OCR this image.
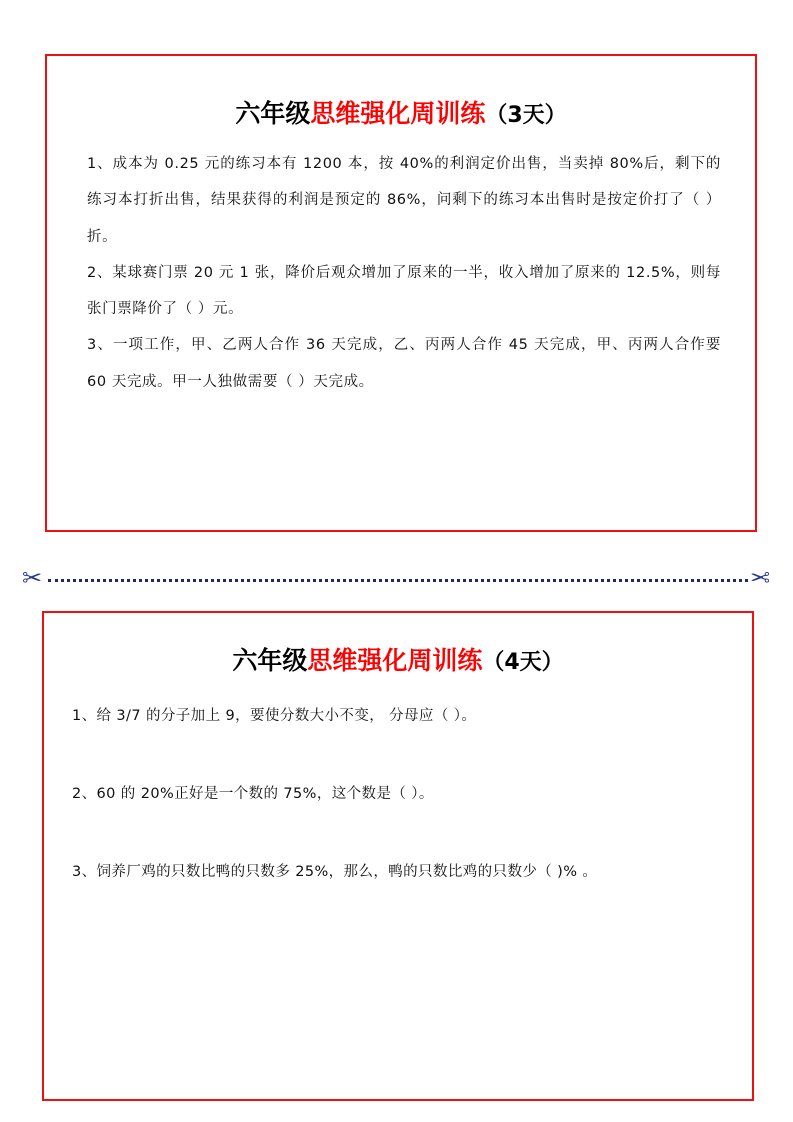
六年级思维强化周训练（3天）
1、成本为 0.25 元的练习本有 1200 本，按 40%的利润定价出售，当卖掉 80%后，剩下的练习本打折出售，结果获得的利润是预定的 86%，问剩下的练习本出售时是按定价打了（ ）折。
2、某球赛门票 20 元 1 张，降价后观众增加了原来的一半，收入增加了原来的 12.5%，则每张门票降价了（ ）元。
3、一项工作，甲、乙两人合作 36 天完成，乙、丙两人合作 45 天完成，甲、丙两人合作要 60 天完成。甲一人独做需要（ ）天完成。
✂	✂
六年级思维强化周训练（4天）
1、给 3/7 的分子加上 9，要使分数大小不变， 分母应（ ）。
2、60 的 20%正好是一个数的 75%，这个数是（ ）。
3、饲养厂鸡的只数比鸭的只数多 25%，那么，鸭的只数比鸡的只数少（ )% 。
